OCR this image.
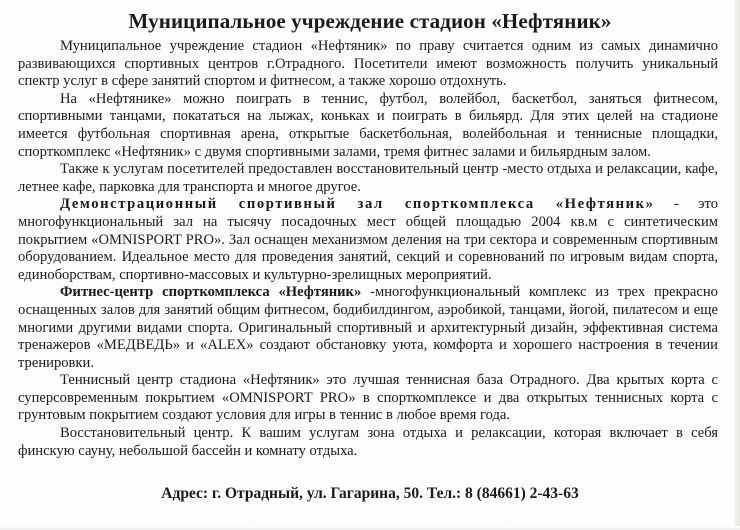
Муниципальное учреждение стадион «Нефтяник»

Муниципальное учреждение стадион «Нефтяник» по праву считается одним из самых динамично развивающихся спортивных центров г.Отрадного. Посетители имеют возможность получить уникальный спектр услуг в сфере занятий спортом и фитнесом, а также хорошо отдохнуть.

На «Нефтянике» можно поиграть в теннис, футбол, волейбол, баскетбол, заняться фитнесом, спортивными танцами, покататься на лыжах, коньках и поиграть в бильярд. Для этих целей на стадионе имеется футбольная спортивная арена, открытые баскетбольная, волейбольная и теннисные площадки, спорткомплекс «Нефтяник» с двумя спортивными залами, тремя фитнес залами и бильярдным залом.

Также к услугам посетителей предоставлен восстановительный центр -место отдыха и релаксации, кафе, летнее кафе, парковка для транспорта и многое другое.

Демонстрационный спортивный зал спорткомплекса «Нефтяник» - это многофункциональный зал на тысячу посадочных мест общей площадью 2004 кв.м с синтетическим покрытием «OMNISPORT PRO». Зал оснащен механизмом деления на три сектора и современным спортивным оборудованием. Идеальное место для проведения занятий, секций и соревнований по игровым видам спорта, единоборствам, спортивно-массовых и культурно-зрелищных мероприятий.

Фитнес-центр спорткомплекса «Нефтяник» -многофункциональный комплекс из трех прекрасно оснащенных залов для занятий общим фитнесом, бодибилдингом, аэробикой, танцами, йогой, пилатесом и еще многими другими видами спорта. Оригинальный спортивный и архитектурный дизайн, эффективная система тренажеров «МЕДВЕДЬ» и «ALEX» создают обстановку уюта, комфорта и хорошего настроения в течении тренировки.

Теннисный центр стадиона «Нефтяник» это лучшая теннисная база Отрадного. Два крытых корта с суперсовременным покрытием «OMNISPORT PRO» в спорткомплексе и два открытых теннисных корта с грунтовым покрытием создают условия для игры в теннис в любое время года.

Восстановительный центр. К вашим услугам зона отдыха и релаксации, которая включает в себя финскую сауну, небольшой бассейн и комнату отдыха.

Адрес: г. Отрадный, ул. Гагарина, 50. Тел.: 8 (84661) 2-43-63
